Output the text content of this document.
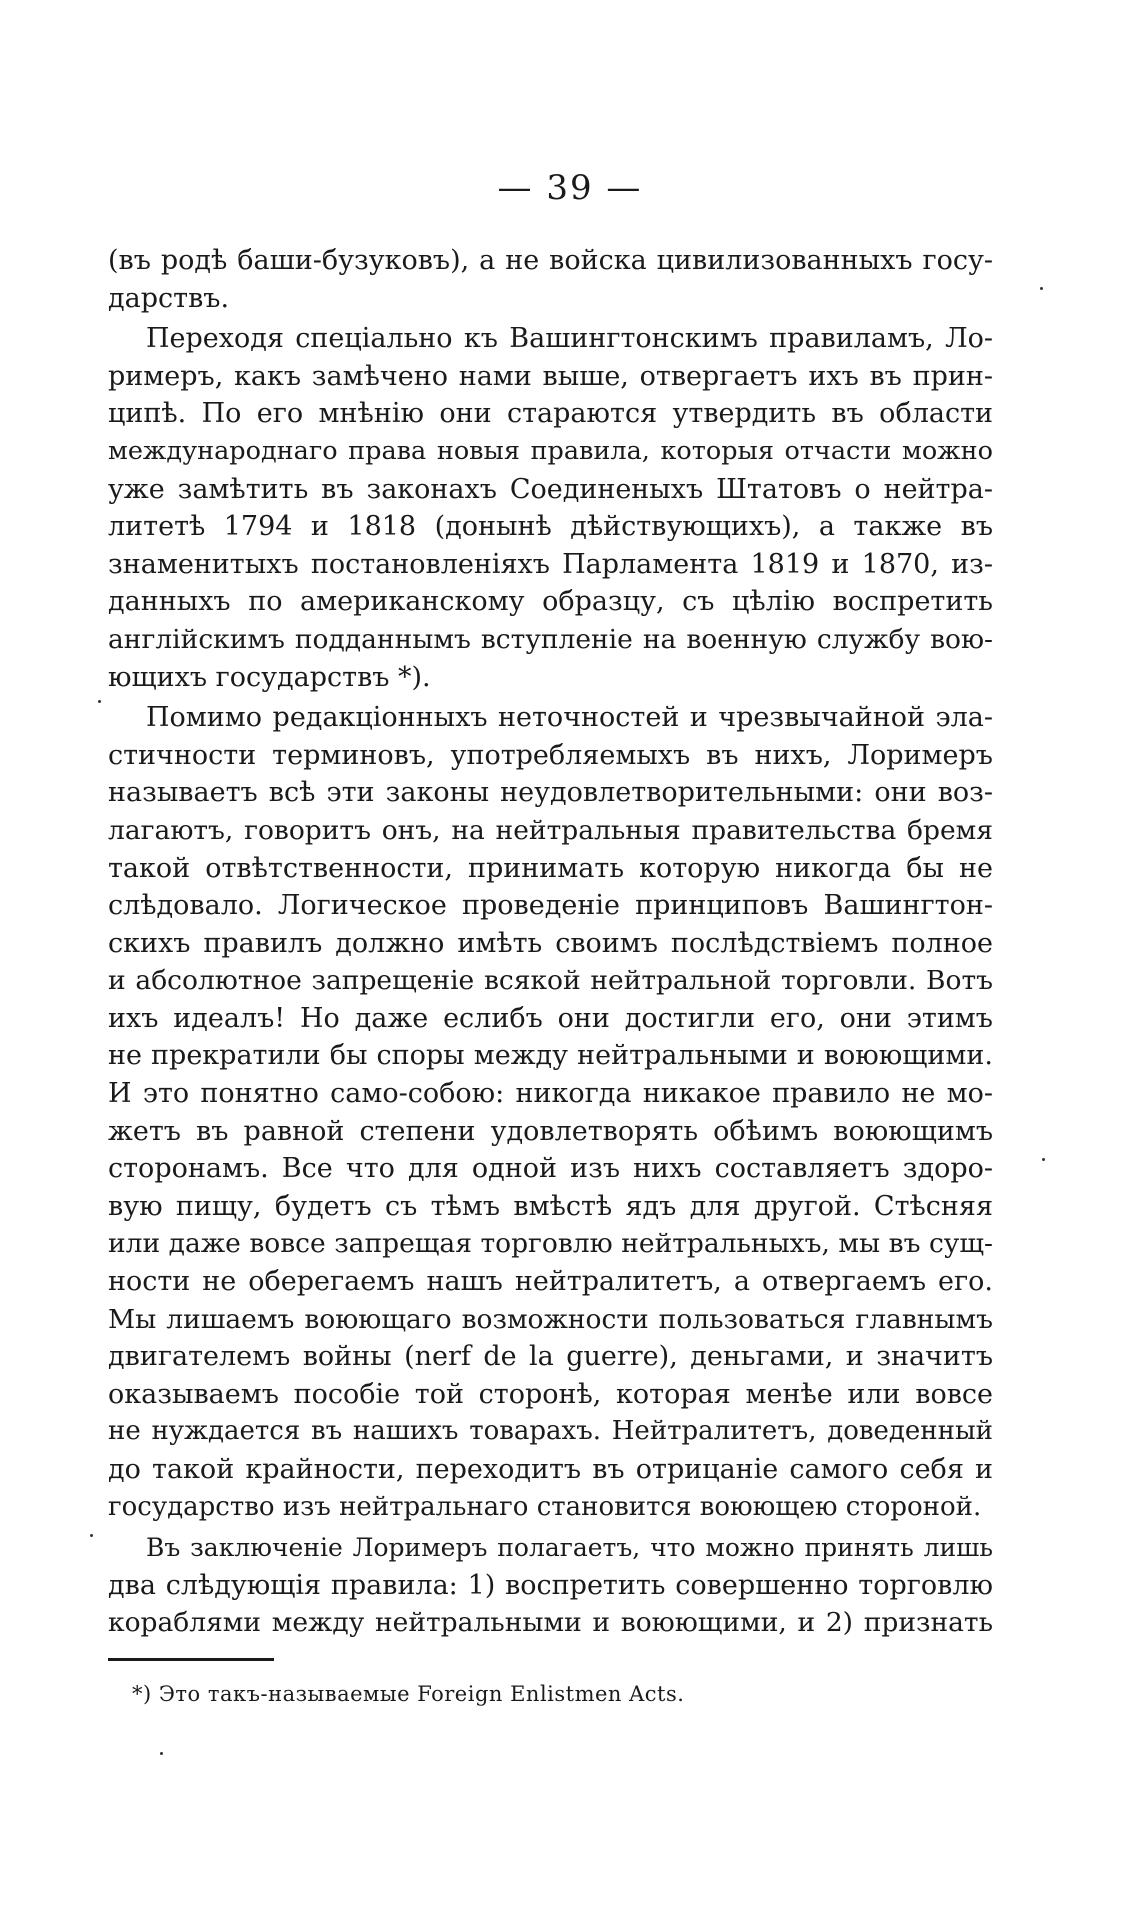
— 39 —
(въ родѣ баши-бузуковъ), а не войска цивилизованныхъ госу-
дарствъ.
Переходя спеціально къ Вашингтонскимъ правиламъ, Ло-
римеръ, какъ замѣчено нами выше, отвергаетъ ихъ въ прин-
ципѣ. По его мнѣнію они стараются утвердить въ области
международнаго права новыя правила, которыя отчасти можно
уже замѣтить въ законахъ Соединеныхъ Штатовъ о нейтра-
литетѣ 1794 и 1818 (донынѣ дѣйствующихъ), а также въ
знаменитыхъ постановленіяхъ Парламента 1819 и 1870, из-
данныхъ по американскому образцу, съ цѣлію воспретить
англійскимъ подданнымъ вступленіе на военную службу вою-
ющихъ государствъ *).
Помимо редакціонныхъ неточностей и чрезвычайной эла-
стичности терминовъ, употребляемыхъ въ нихъ, Лоримеръ
называетъ всѣ эти законы неудовлетворительными: они воз-
лагаютъ, говоритъ онъ, на нейтральныя правительства бремя
такой отвѣтственности, принимать которую никогда бы не
слѣдовало. Логическое проведеніе принциповъ Вашингтон-
скихъ правилъ должно имѣть своимъ послѣдствіемъ полное
и абсолютное запрещеніе всякой нейтральной торговли. Вотъ
ихъ идеалъ! Но даже еслибъ они достигли его, они этимъ
не прекратили бы споры между нейтральными и воюющими.
И это понятно само-собою: никогда никакое правило не мо-
жетъ въ равной степени удовлетворять обѣимъ воюющимъ
сторонамъ. Все что для одной изъ нихъ составляетъ здоро-
вую пищу, будетъ съ тѣмъ вмѣстѣ ядъ для другой. Стѣсняя
или даже вовсе запрещая торговлю нейтральныхъ, мы въ сущ-
ности не оберегаемъ нашъ нейтралитетъ, а отвергаемъ его.
Мы лишаемъ воюющаго возможности пользоваться главнымъ
двигателемъ войны (nerf de la guerre), деньгами, и значитъ
оказываемъ пособіе той сторонѣ, которая менѣе или вовсе
не нуждается въ нашихъ товарахъ. Нейтралитетъ, доведенный
до такой крайности, переходитъ въ отрицаніе самого себя и
государство изъ нейтральнаго становится воюющею стороной.
Въ заключеніе Лоримеръ полагаетъ, что можно принять лишь
два слѣдующія правила: 1) воспретить совершенно торговлю
кораблями между нейтральными и воюющими, и 2) признать
*) Это такъ-называемые Foreign Enlistmen Acts.
